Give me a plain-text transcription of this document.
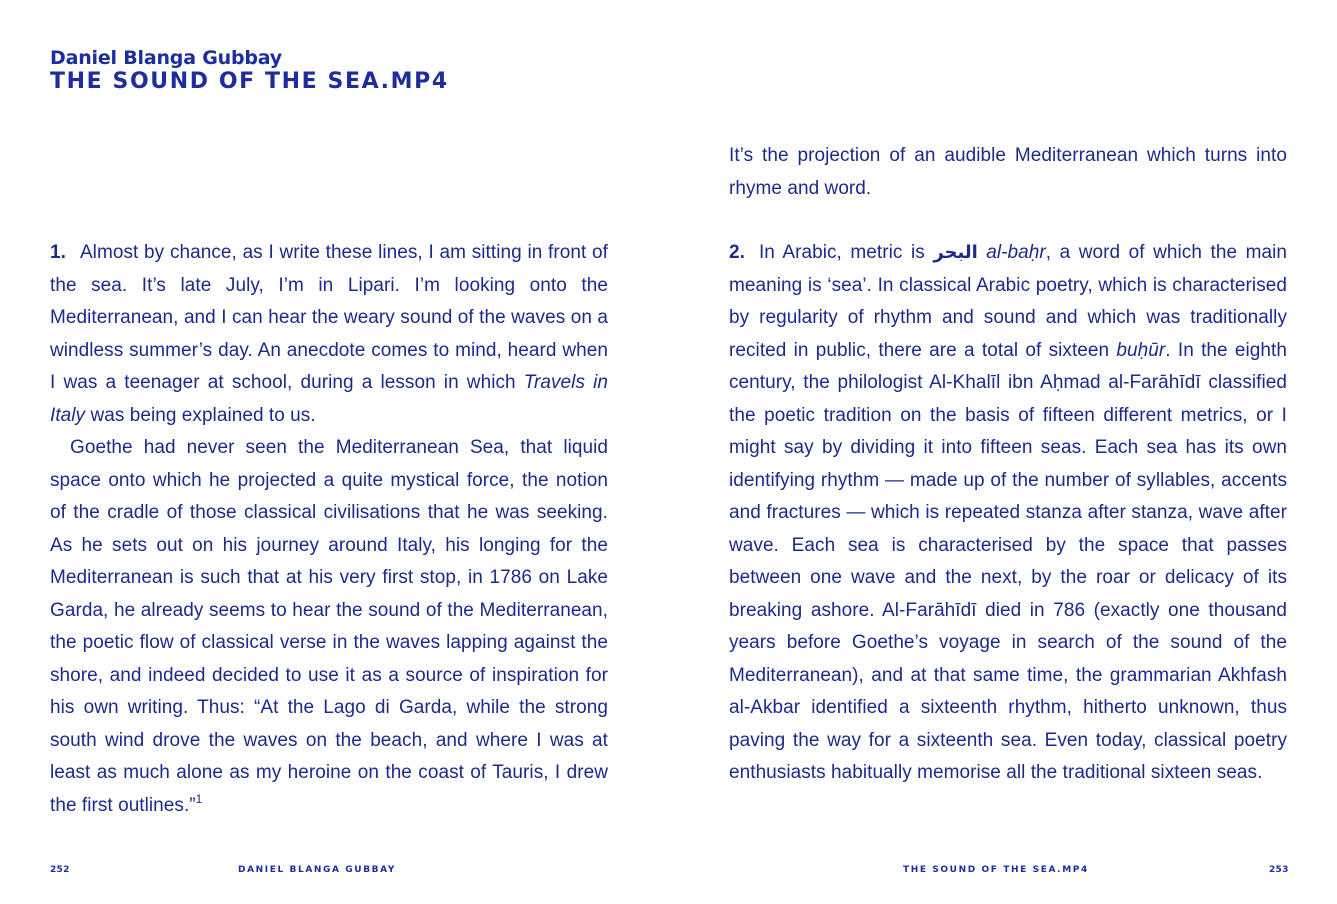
Daniel Blanga Gubbay
THE SOUND OF THE SEA.MP4

1. Almost by chance, as I write these lines, I am sitting in front of the sea. It’s late July, I’m in Lipari. I’m looking onto the Mediterranean, and I can hear the weary sound of the waves on a windless summer’s day. An anecdote comes to mind, heard when I was a teenager at school, during a lesson in which Travels in Italy was being explained to us.

Goethe had never seen the Mediterranean Sea, that liquid space onto which he projected a quite mystical force, the notion of the cradle of those classical civilisations that he was seeking. As he sets out on his journey around Italy, his longing for the Mediterranean is such that at his very first stop, in 1786 on Lake Garda, he already seems to hear the sound of the Mediterranean, the poetic flow of classical verse in the waves lapping against the shore, and indeed decided to use it as a source of inspiration for his own writing. Thus: “At the Lago di Garda, while the strong south wind drove the waves on the beach, and where I was at least as much alone as my heroine on the coast of Tauris, I drew the first outlines.”$^1$

It’s the projection of an audible Mediterranean which turns into rhyme and word.

2. In Arabic, metric is البحر al-baḥr, a word of which the main meaning is ‘sea’. In classical Arabic poetry, which is characterised by regularity of rhythm and sound and which was traditionally recited in public, there are a total of sixteen buḥūr. In the eighth century, the philologist Al-Khalīl ibn Aḥmad al-Farāhīdī classified the poetic tradition on the basis of fifteen different metrics, or I might say by dividing it into fifteen seas. Each sea has its own identifying rhythm — made up of the number of syllables, accents and fractures — which is repeated stanza after stanza, wave after wave. Each sea is characterised by the space that passes between one wave and the next, by the roar or delicacy of its breaking ashore. Al-Farāhīdī died in 786 (exactly one thousand years before Goethe’s voyage in search of the sound of the Mediterranean), and at that same time, the grammarian Akhfash al-Akbar identified a sixteenth rhythm, hitherto unknown, thus paving the way for a sixteenth sea. Even today, classical poetry enthusiasts habitually memorise all the traditional sixteen seas.

252	DANIEL BLANGA GUBBAY	THE SOUND OF THE SEA.MP4	253
